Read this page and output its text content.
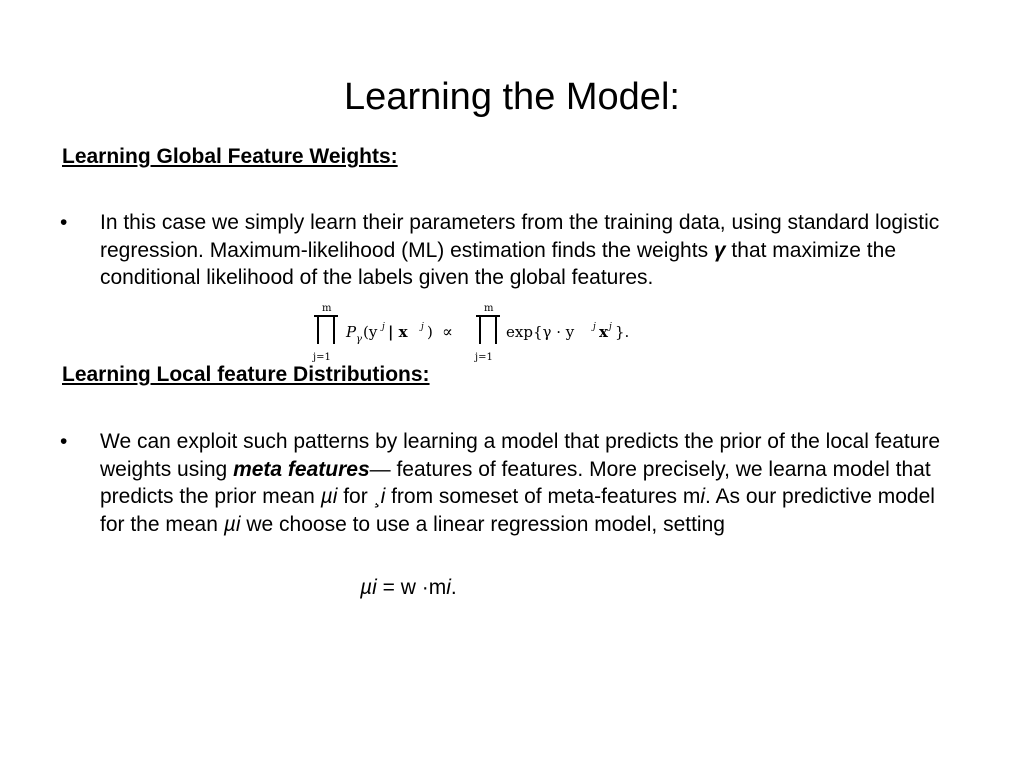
Learning the Model:
Learning Global Feature Weights:
• In this case we simply learn their parameters from the training data, using standard logistic regression. Maximum-likelihood (ML) estimation finds the weights γ that maximize the conditional likelihood of the labels given the global features.
m
j=1
P γ (y j | x j ) ∝
m
j=1
exp{γ · y j x j }.
Learning Local feature Distributions:
• We can exploit such patterns by learning a model that predicts the prior of the local feature weights using meta features— features of features. More precisely, we learna model that predicts the prior mean µi for ¸i from someset of meta-features mi. As our predictive model for the mean µi we choose to use a linear regression model, setting
µi = w ·mi.
